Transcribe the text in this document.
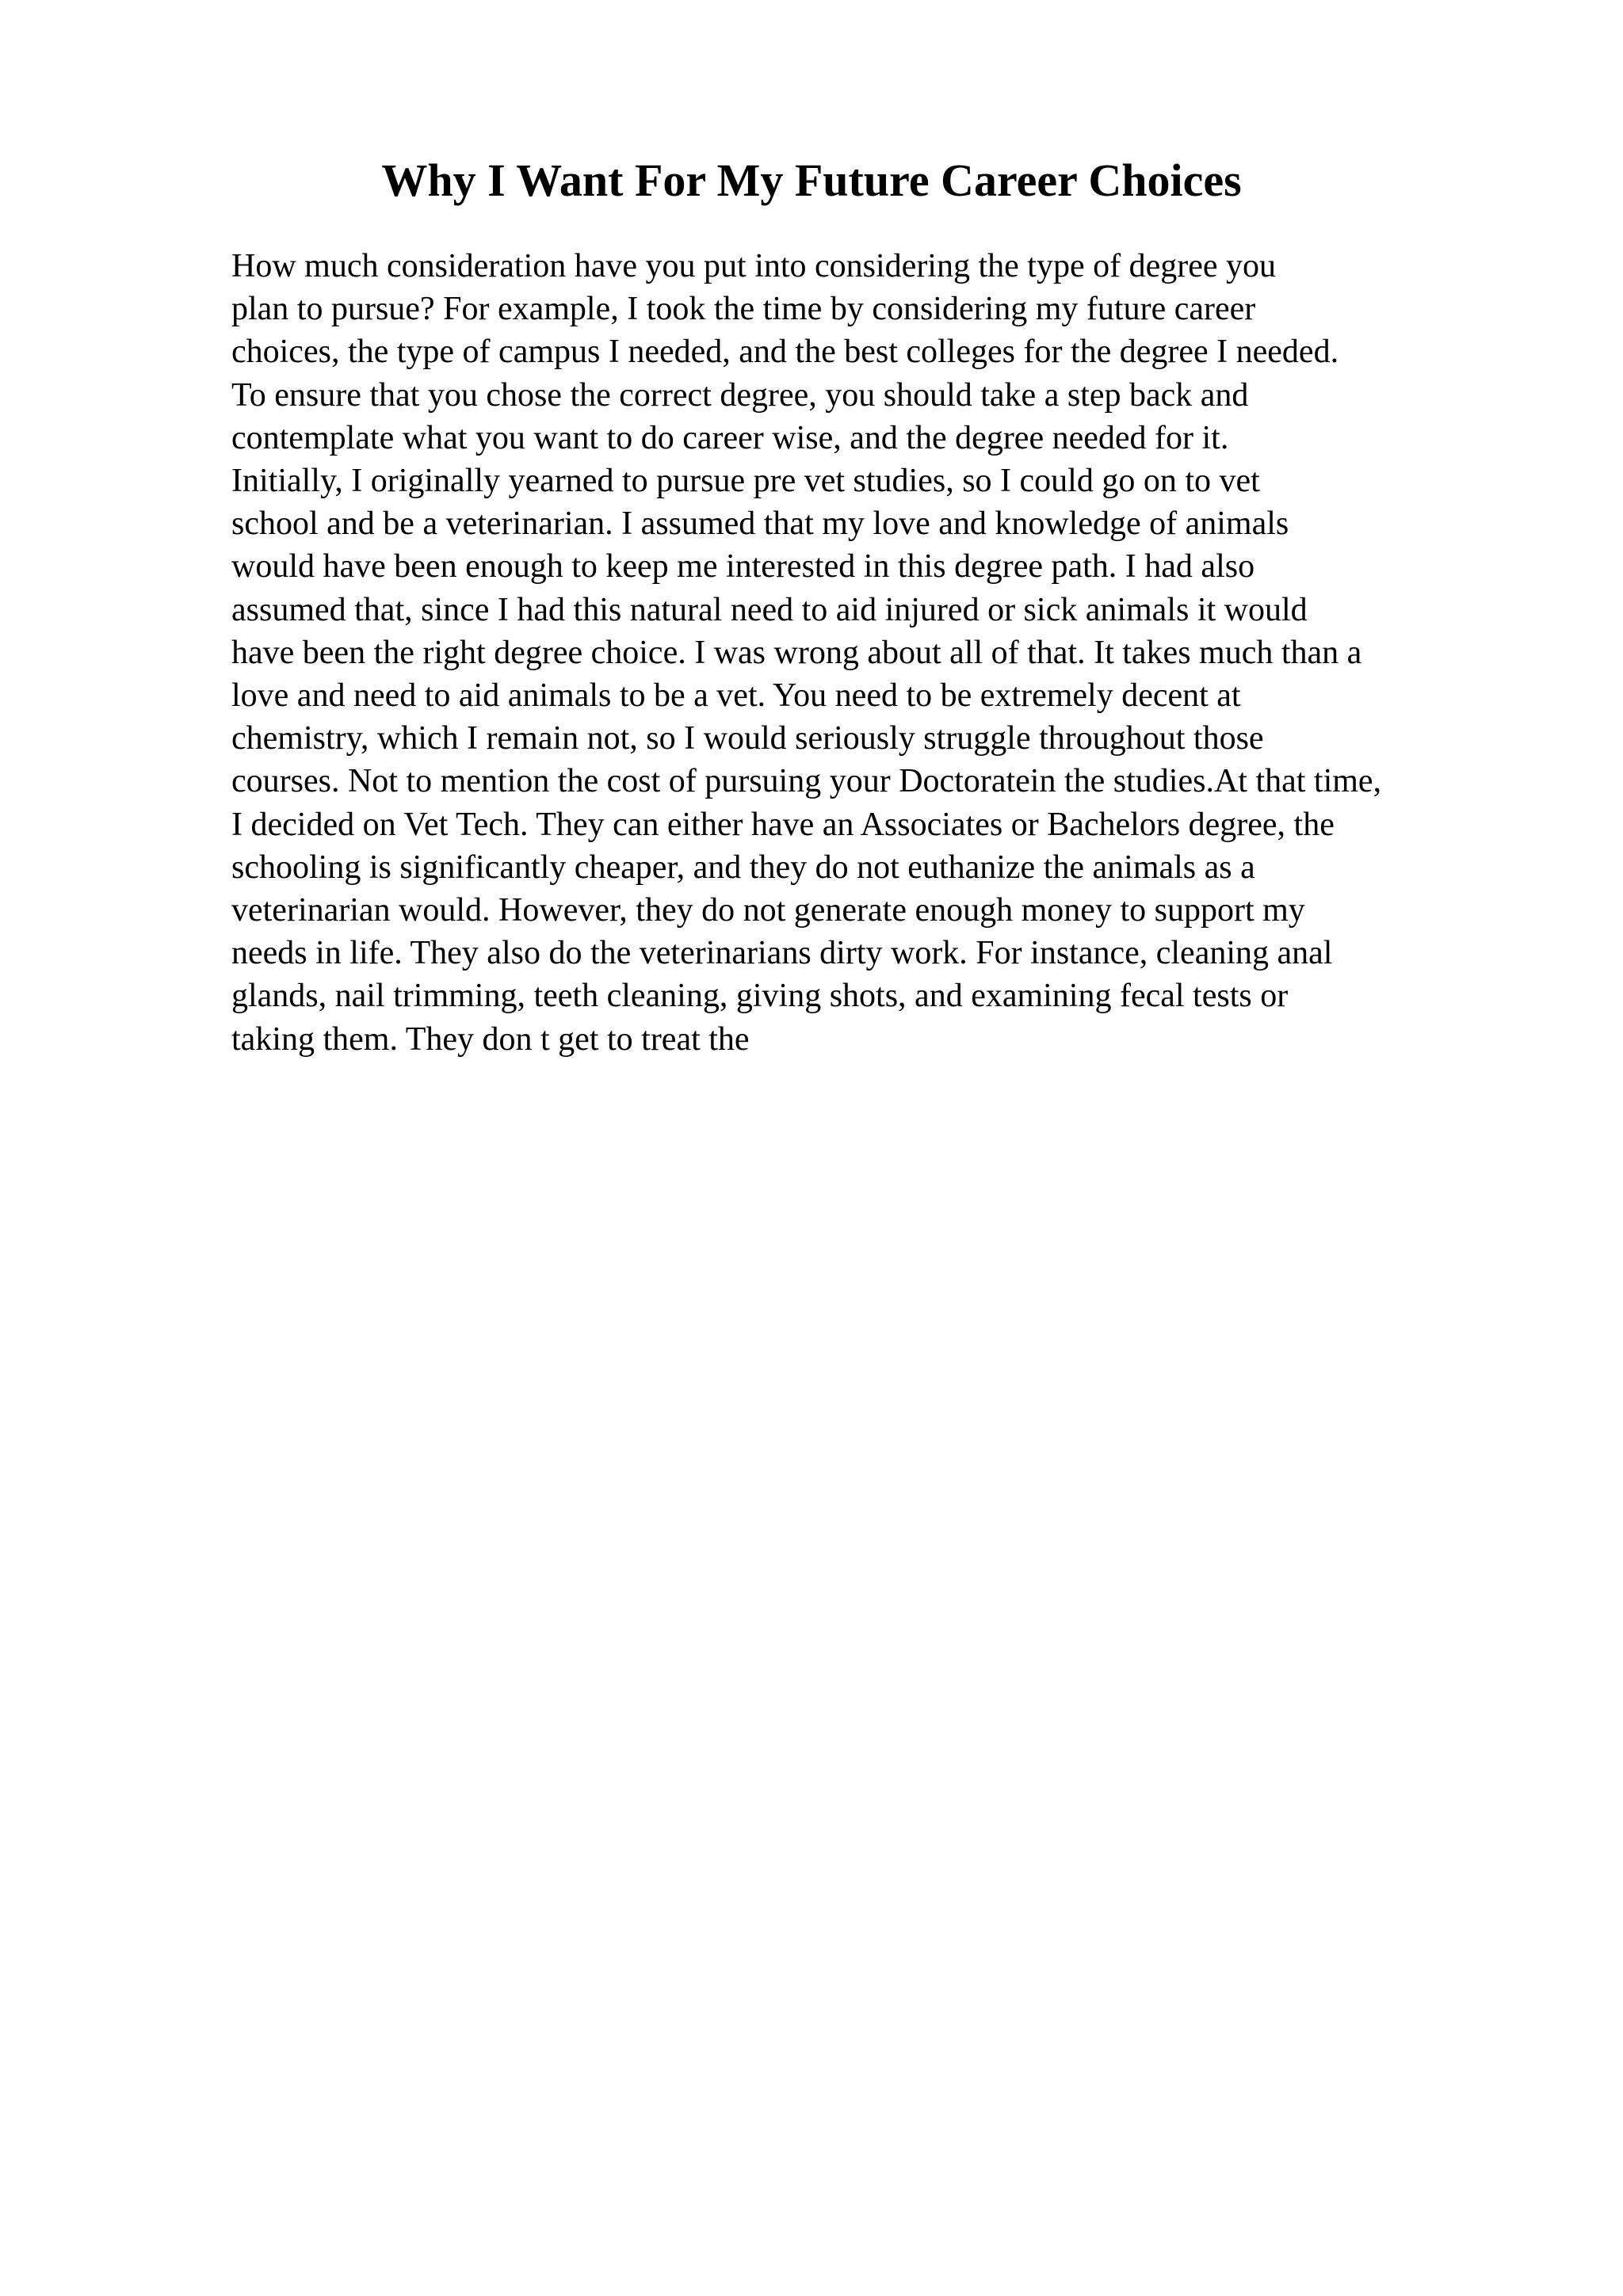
Why I Want For My Future Career Choices
How much consideration have you put into considering the type of degree you
plan to pursue? For example, I took the time by considering my future career
choices, the type of campus I needed, and the best colleges for the degree I needed.
To ensure that you chose the correct degree, you should take a step back and
contemplate what you want to do career wise, and the degree needed for it.
Initially, I originally yearned to pursue pre vet studies, so I could go on to vet
school and be a veterinarian. I assumed that my love and knowledge of animals
would have been enough to keep me interested in this degree path. I had also
assumed that, since I had this natural need to aid injured or sick animals it would
have been the right degree choice. I was wrong about all of that. It takes much than a
love and need to aid animals to be a vet. You need to be extremely decent at
chemistry, which I remain not, so I would seriously struggle throughout those
courses. Not to mention the cost of pursuing your Doctoratein the studies.At that time,
I decided on Vet Tech. They can either have an Associates or Bachelors degree, the
schooling is significantly cheaper, and they do not euthanize the animals as a
veterinarian would. However, they do not generate enough money to support my
needs in life. They also do the veterinarians dirty work. For instance, cleaning anal
glands, nail trimming, teeth cleaning, giving shots, and examining fecal tests or
taking them. They don t get to treat the
